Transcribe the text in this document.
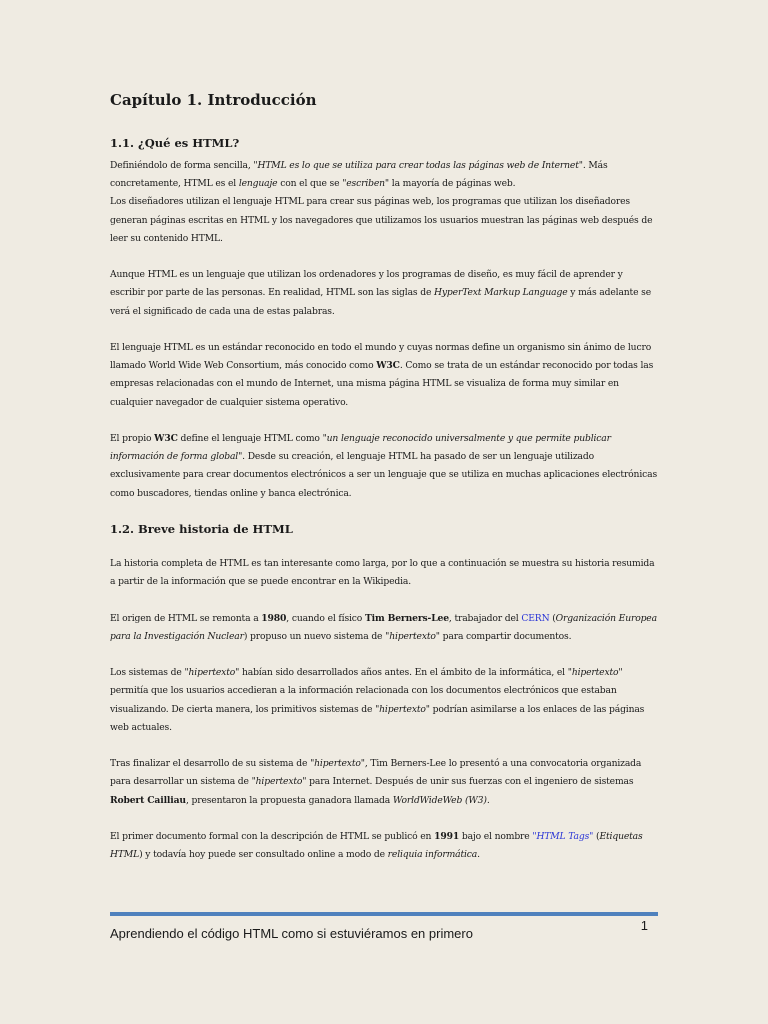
Capítulo 1. Introducción
1.1. ¿Qué es HTML?

Definiéndolo de forma sencilla, "HTML es lo que se utiliza para crear todas las páginas web de Internet". Más concretamente, HTML es el lenguaje con el que se "escriben" la mayoría de páginas web.

Los diseñadores utilizan el lenguaje HTML para crear sus páginas web, los programas que utilizan los diseñadores generan páginas escritas en HTML y los navegadores que utilizamos los usuarios muestran las páginas web después de leer su contenido HTML.

Aunque HTML es un lenguaje que utilizan los ordenadores y los programas de diseño, es muy fácil de aprender y escribir por parte de las personas. En realidad, HTML son las siglas de HyperText Markup Language y más adelante se verá el significado de cada una de estas palabras.

El lenguaje HTML es un estándar reconocido en todo el mundo y cuyas normas define un organismo sin ánimo de lucro llamado World Wide Web Consortium, más conocido como W3C. Como se trata de un estándar reconocido por todas las empresas relacionadas con el mundo de Internet, una misma página HTML se visualiza de forma muy similar en cualquier navegador de cualquier sistema operativo.

El propio W3C define el lenguaje HTML como "un lenguaje reconocido universalmente y que permite publicar información de forma global". Desde su creación, el lenguaje HTML ha pasado de ser un lenguaje utilizado exclusivamente para crear documentos electrónicos a ser un lenguaje que se utiliza en muchas aplicaciones electrónicas como buscadores, tiendas online y banca electrónica.

1.2. Breve historia de HTML

La historia completa de HTML es tan interesante como larga, por lo que a continuación se muestra su historia resumida a partir de la información que se puede encontrar en la Wikipedia.

El origen de HTML se remonta a 1980, cuando el físico Tim Berners-Lee, trabajador del CERN (Organización Europea para la Investigación Nuclear) propuso un nuevo sistema de "hipertexto" para compartir documentos.

Los sistemas de "hipertexto" habían sido desarrollados años antes. En el ámbito de la informática, el "hipertexto" permitía que los usuarios accedieran a la información relacionada con los documentos electrónicos que estaban visualizando. De cierta manera, los primitivos sistemas de "hipertexto" podrían asimilarse a los enlaces de las páginas web actuales.

Tras finalizar el desarrollo de su sistema de "hipertexto", Tim Berners-Lee lo presentó a una convocatoria organizada para desarrollar un sistema de "hipertexto" para Internet. Después de unir sus fuerzas con el ingeniero de sistemas Robert Cailliau, presentaron la propuesta ganadora llamada WorldWideWeb (W3).

El primer documento formal con la descripción de HTML se publicó en 1991 bajo el nombre "HTML Tags" (Etiquetas HTML) y todavía hoy puede ser consultado online a modo de reliquia informática.

1
Aprendiendo el código HTML como si estuviéramos en primero
